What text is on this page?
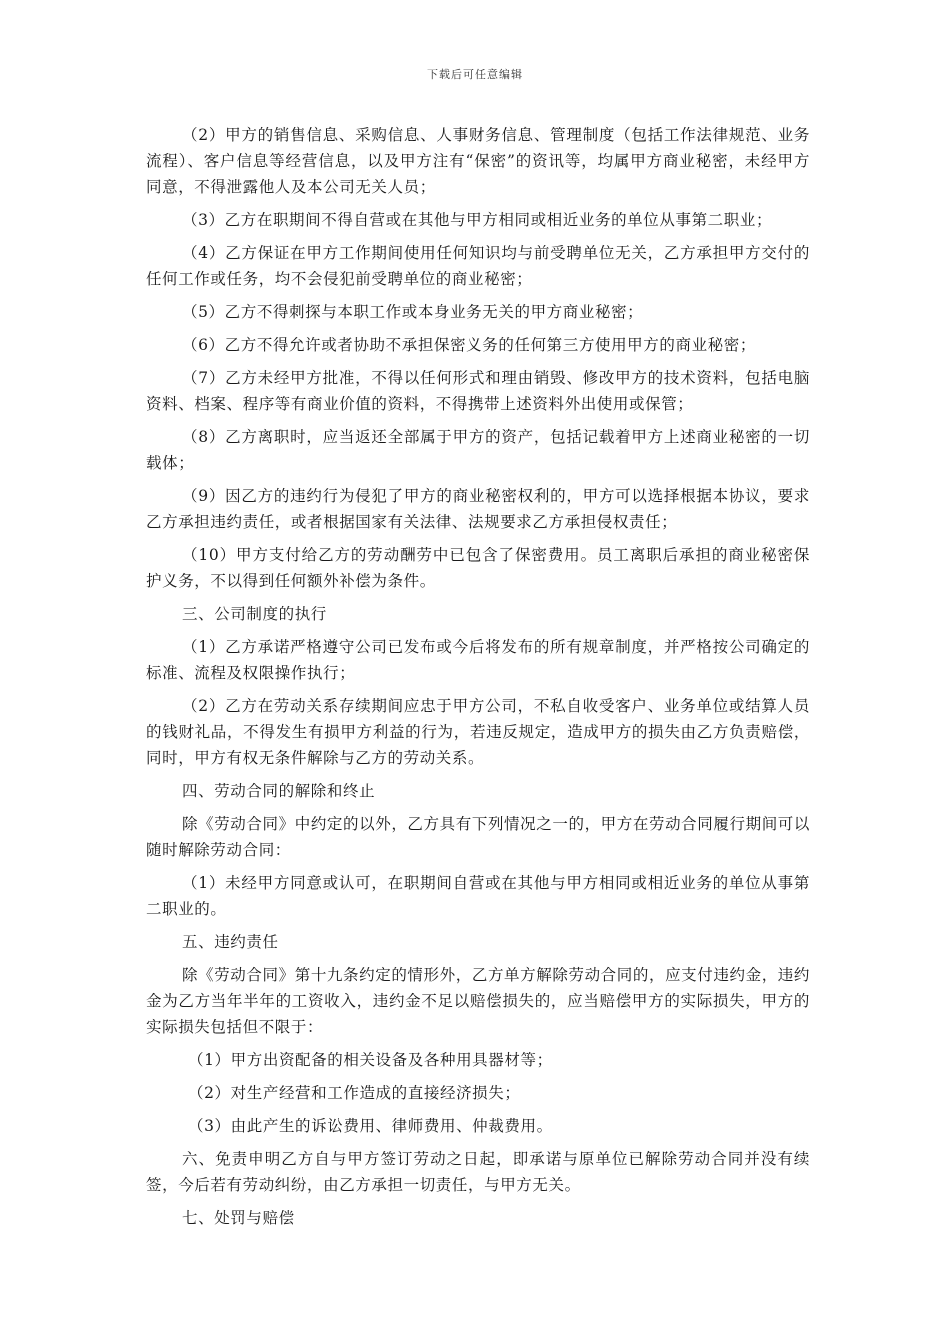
下载后可任意编辑

（2）甲方的销售信息、采购信息、人事财务信息、管理制度（包括工作法律规范、业务流程）、客户信息等经营信息，以及甲方注有“保密”的资讯等，均属甲方商业秘密，未经甲方同意，不得泄露他人及本公司无关人员；

（3）乙方在职期间不得自营或在其他与甲方相同或相近业务的单位从事第二职业；

（4）乙方保证在甲方工作期间使用任何知识均与前受聘单位无关，乙方承担甲方交付的任何工作或任务，均不会侵犯前受聘单位的商业秘密；

（5）乙方不得刺探与本职工作或本身业务无关的甲方商业秘密；

（6）乙方不得允许或者协助不承担保密义务的任何第三方使用甲方的商业秘密；

（7）乙方未经甲方批准，不得以任何形式和理由销毁、修改甲方的技术资料，包括电脑资料、档案、程序等有商业价值的资料，不得携带上述资料外出使用或保管；

（8）乙方离职时，应当返还全部属于甲方的资产，包括记载着甲方上述商业秘密的一切载体；

（9）因乙方的违约行为侵犯了甲方的商业秘密权利的，甲方可以选择根据本协议，要求乙方承担违约责任，或者根据国家有关法律、法规要求乙方承担侵权责任；

（10）甲方支付给乙方的劳动酬劳中已包含了保密费用。员工离职后承担的商业秘密保护义务，不以得到任何额外补偿为条件。

三、公司制度的执行

（1）乙方承诺严格遵守公司已发布或今后将发布的所有规章制度，并严格按公司确定的标准、流程及权限操作执行；

（2）乙方在劳动关系存续期间应忠于甲方公司，不私自收受客户、业务单位或结算人员的钱财礼品，不得发生有损甲方利益的行为，若违反规定，造成甲方的损失由乙方负责赔偿，同时，甲方有权无条件解除与乙方的劳动关系。

四、劳动合同的解除和终止

除《劳动合同》中约定的以外，乙方具有下列情况之一的，甲方在劳动合同履行期间可以随时解除劳动合同：

（1）未经甲方同意或认可，在职期间自营或在其他与甲方相同或相近业务的单位从事第二职业的。

五、违约责任

除《劳动合同》第十九条约定的情形外，乙方单方解除劳动合同的，应支付违约金，违约金为乙方当年半年的工资收入，违约金不足以赔偿损失的，应当赔偿甲方的实际损失，甲方的实际损失包括但不限于：

（1）甲方出资配备的相关设备及各种用具器材等；

（2）对生产经营和工作造成的直接经济损失；

（3）由此产生的诉讼费用、律师费用、仲裁费用。

六、免责申明乙方自与甲方签订劳动之日起，即承诺与原单位已解除劳动合同并没有续签，今后若有劳动纠纷，由乙方承担一切责任，与甲方无关。

七、处罚与赔偿
